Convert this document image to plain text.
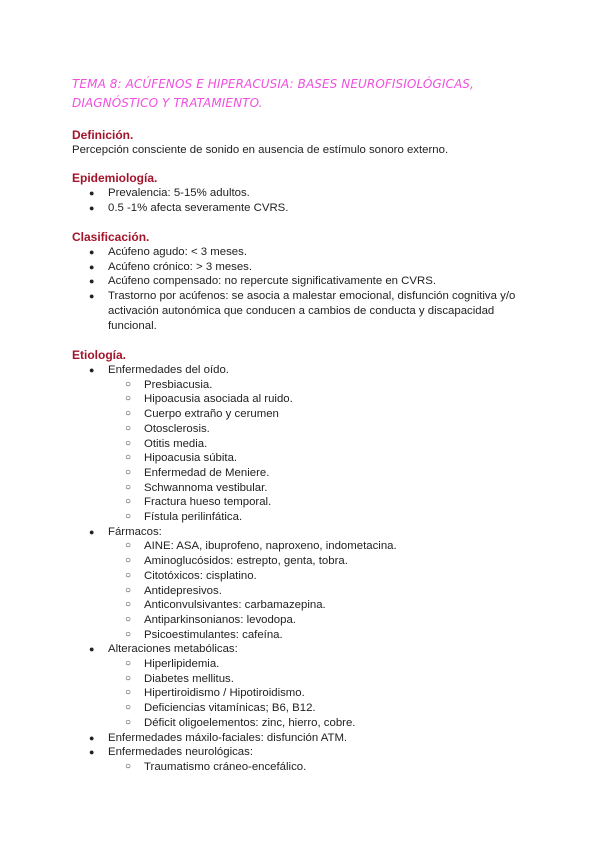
TEMA 8: ACÚFENOS E HIPERACUSIA: BASES NEUROFISIOLÓGICAS, DIAGNÓSTICO Y TRATAMIENTO.
Definición.

Percepción consciente de sonido en ausencia de estímulo sonoro externo.

Epidemiología.
● Prevalencia: 5-15% adultos.
● 0.5 -1% afecta severamente CVRS.
Clasificación.
● Acúfeno agudo: < 3 meses.
● Acúfeno crónico: > 3 meses.
● Acúfeno compensado: no repercute significativamente en CVRS.
● Trastorno por acúfenos: se asocia a malestar emocional, disfunción cognitiva y/o activación autonómica que conducen a cambios de conducta y discapacidad funcional.
Etiología.
● Enfermedades del oído.
○ Presbiacusia.
○ Hipoacusia asociada al ruido.
○ Cuerpo extraño y cerumen
○ Otosclerosis.
○ Otitis media.
○ Hipoacusia súbita.
○ Enfermedad de Meniere.
○ Schwannoma vestibular.
○ Fractura hueso temporal.
○ Fístula perilinfática.
● Fármacos:
○ AINE: ASA, ibuprofeno, naproxeno, indometacina.
○ Aminoglucósidos: estrepto, genta, tobra.
○ Citotóxicos: cisplatino.
○ Antidepresivos.
○ Anticonvulsivantes: carbamazepina.
○ Antiparkinsonianos: levodopa.
○ Psicoestimulantes: cafeína.
● Alteraciones metabólicas:
○ Hiperlipidemia.
○ Diabetes mellitus.
○ Hipertiroidismo / Hipotiroidismo.
○ Deficiencias vitamínicas; B6, B12.
○ Déficit oligoelementos: zinc, hierro, cobre.
● Enfermedades máxilo-faciales: disfunción ATM.
● Enfermedades neurológicas:
○ Traumatismo cráneo-encefálico.
